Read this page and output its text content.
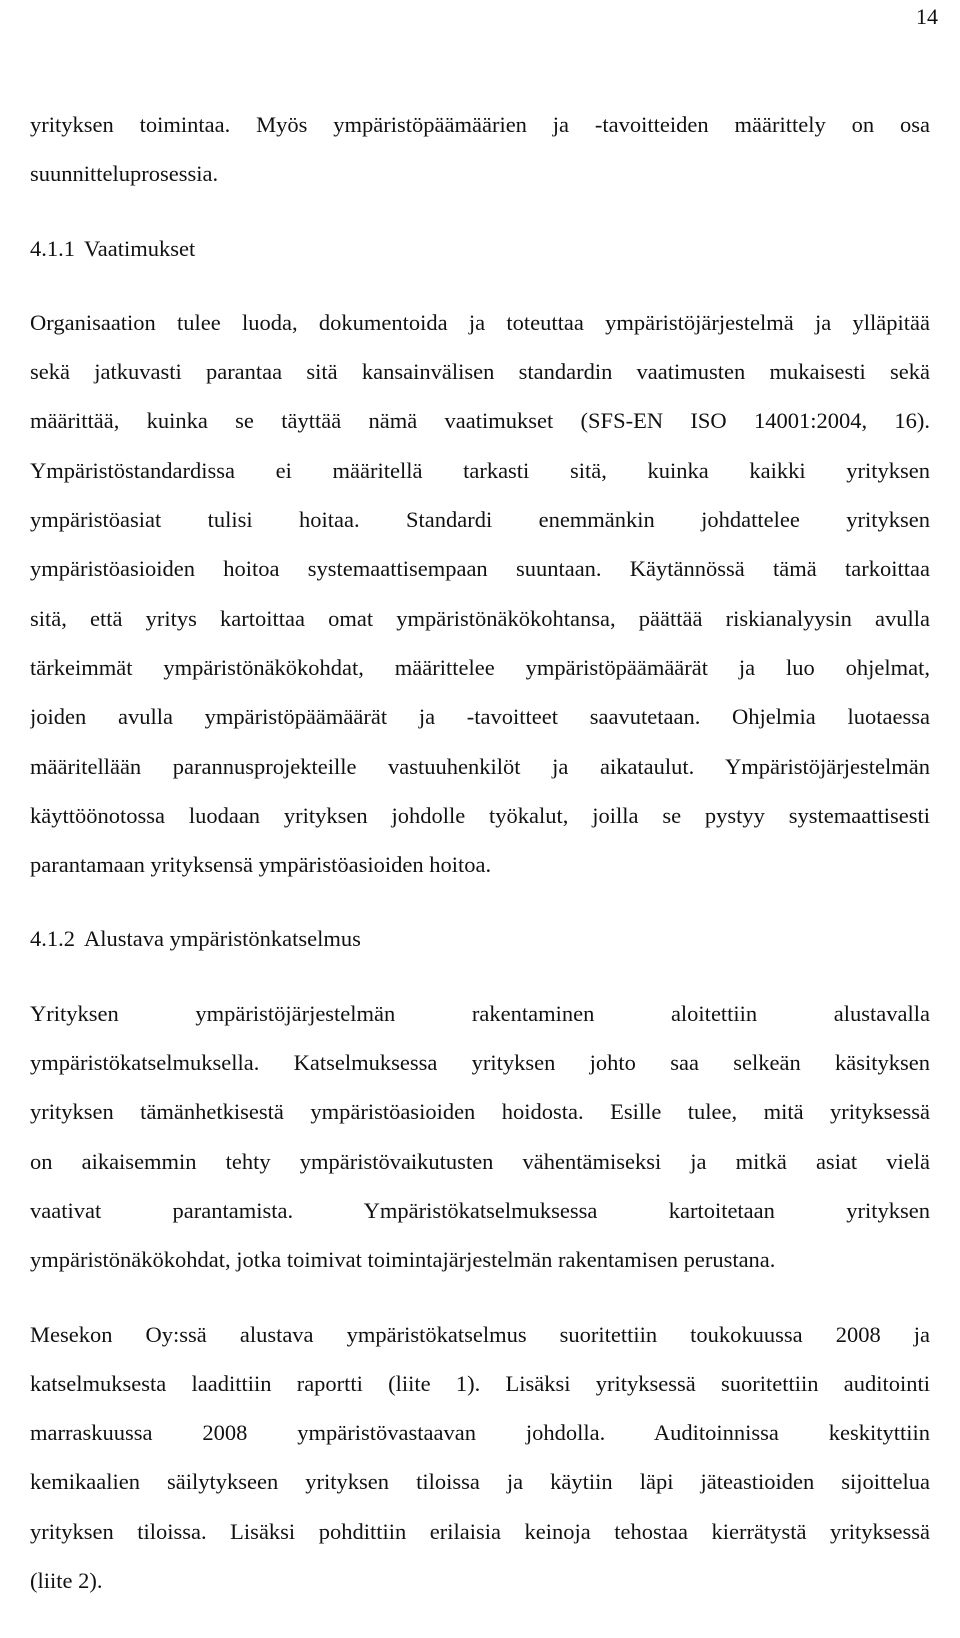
14
yrityksen toimintaa. Myös ympäristöpäämäärien ja -tavoitteiden määrittely on osa
suunnitteluprosessia.
4.1.1 Vaatimukset
Organisaation tulee luoda, dokumentoida ja toteuttaa ympäristöjärjestelmä ja ylläpitää
sekä jatkuvasti parantaa sitä kansainvälisen standardin vaatimusten mukaisesti sekä
määrittää, kuinka se täyttää nämä vaatimukset (SFS-EN ISO 14001:2004, 16).
Ympäristöstandardissa ei määritellä tarkasti sitä, kuinka kaikki yrityksen
ympäristöasiat tulisi hoitaa. Standardi enemmänkin johdattelee yrityksen
ympäristöasioiden hoitoa systemaattisempaan suuntaan. Käytännössä tämä tarkoittaa
sitä, että yritys kartoittaa omat ympäristönäkökohtansa, päättää riskianalyysin avulla
tärkeimmät ympäristönäkökohdat, määrittelee ympäristöpäämäärät ja luo ohjelmat,
joiden avulla ympäristöpäämäärät ja -tavoitteet saavutetaan. Ohjelmia luotaessa
määritellään parannusprojekteille vastuuhenkilöt ja aikataulut. Ympäristöjärjestelmän
käyttöönotossa luodaan yrityksen johdolle työkalut, joilla se pystyy systemaattisesti
parantamaan yrityksensä ympäristöasioiden hoitoa.
4.1.2 Alustava ympäristönkatselmus
Yrityksen ympäristöjärjestelmän rakentaminen aloitettiin alustavalla
ympäristökatselmuksella. Katselmuksessa yrityksen johto saa selkeän käsityksen
yrityksen tämänhetkisestä ympäristöasioiden hoidosta. Esille tulee, mitä yrityksessä
on aikaisemmin tehty ympäristövaikutusten vähentämiseksi ja mitkä asiat vielä
vaativat parantamista. Ympäristökatselmuksessa kartoitetaan yrityksen
ympäristönäkökohdat, jotka toimivat toimintajärjestelmän rakentamisen perustana.
Mesekon Oy:ssä alustava ympäristökatselmus suoritettiin toukokuussa 2008 ja
katselmuksesta laadittiin raportti (liite 1). Lisäksi yrityksessä suoritettiin auditointi
marraskuussa 2008 ympäristövastaavan johdolla. Auditoinnissa keskityttiin
kemikaalien säilytykseen yrityksen tiloissa ja käytiin läpi jäteastioiden sijoittelua
yrityksen tiloissa. Lisäksi pohdittiin erilaisia keinoja tehostaa kierrätystä yrityksessä
(liite 2).
